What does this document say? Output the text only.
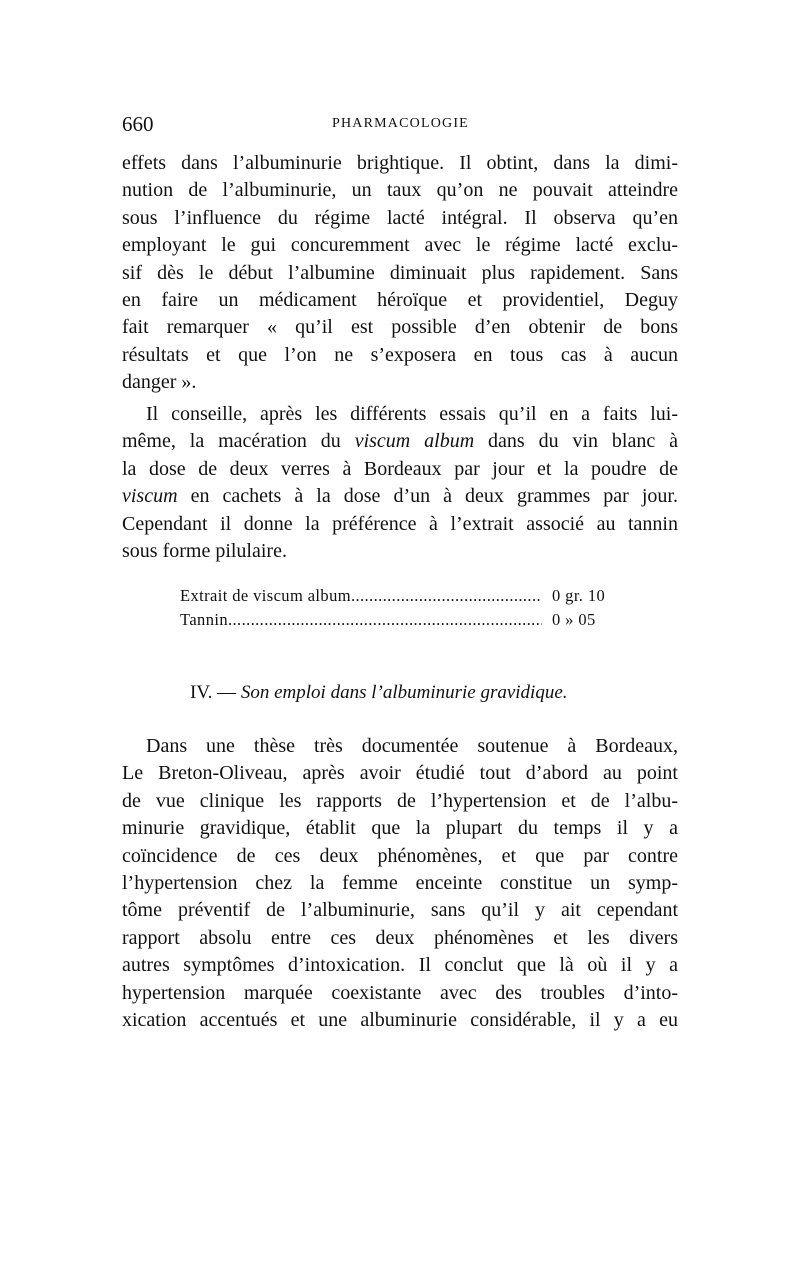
660	PHARMACOLOGIE
effets dans l’albuminurie brightique. Il obtint, dans la dimi-
nution de l’albuminurie, un taux qu’on ne pouvait atteindre
sous l’influence du régime lacté intégral. Il observa qu’en
employant le gui concuremment avec le régime lacté exclu-
sif dès le début l’albumine diminuait plus rapidement. Sans
en faire un médicament héroïque et providentiel, Deguy
fait remarquer « qu’il est possible d’en obtenir de bons
résultats et que l’on ne s’exposera en tous cas à aucun
danger ».
Il conseille, après les différents essais qu’il en a faits lui-
même, la macération du viscum album dans du vin blanc à
la dose de deux verres à Bordeaux par jour et la poudre de
viscum en cachets à la dose d’un à deux grammes par jour.
Cependant il donne la préférence à l’extrait associé au tannin
sous forme pilulaire.
Extrait de viscum album .....	0 gr. 10
Tannin .....	0 » 05
IV. — Son emploi dans l’albuminurie gravidique.
Dans une thèse très documentée soutenue à Bordeaux,
Le Breton-Oliveau, après avoir étudié tout d’abord au point
de vue clinique les rapports de l’hypertension et de l’albu-
minurie gravidique, établit que la plupart du temps il y a
coïncidence de ces deux phénomènes, et que par contre
l’hypertension chez la femme enceinte constitue un symp-
tôme préventif de l’albuminurie, sans qu’il y ait cependant
rapport absolu entre ces deux phénomènes et les divers
autres symptômes d’intoxication. Il conclut que là où il y a
hypertension marquée coexistante avec des troubles d’into-
xication accentués et une albuminurie considérable, il y a eu
